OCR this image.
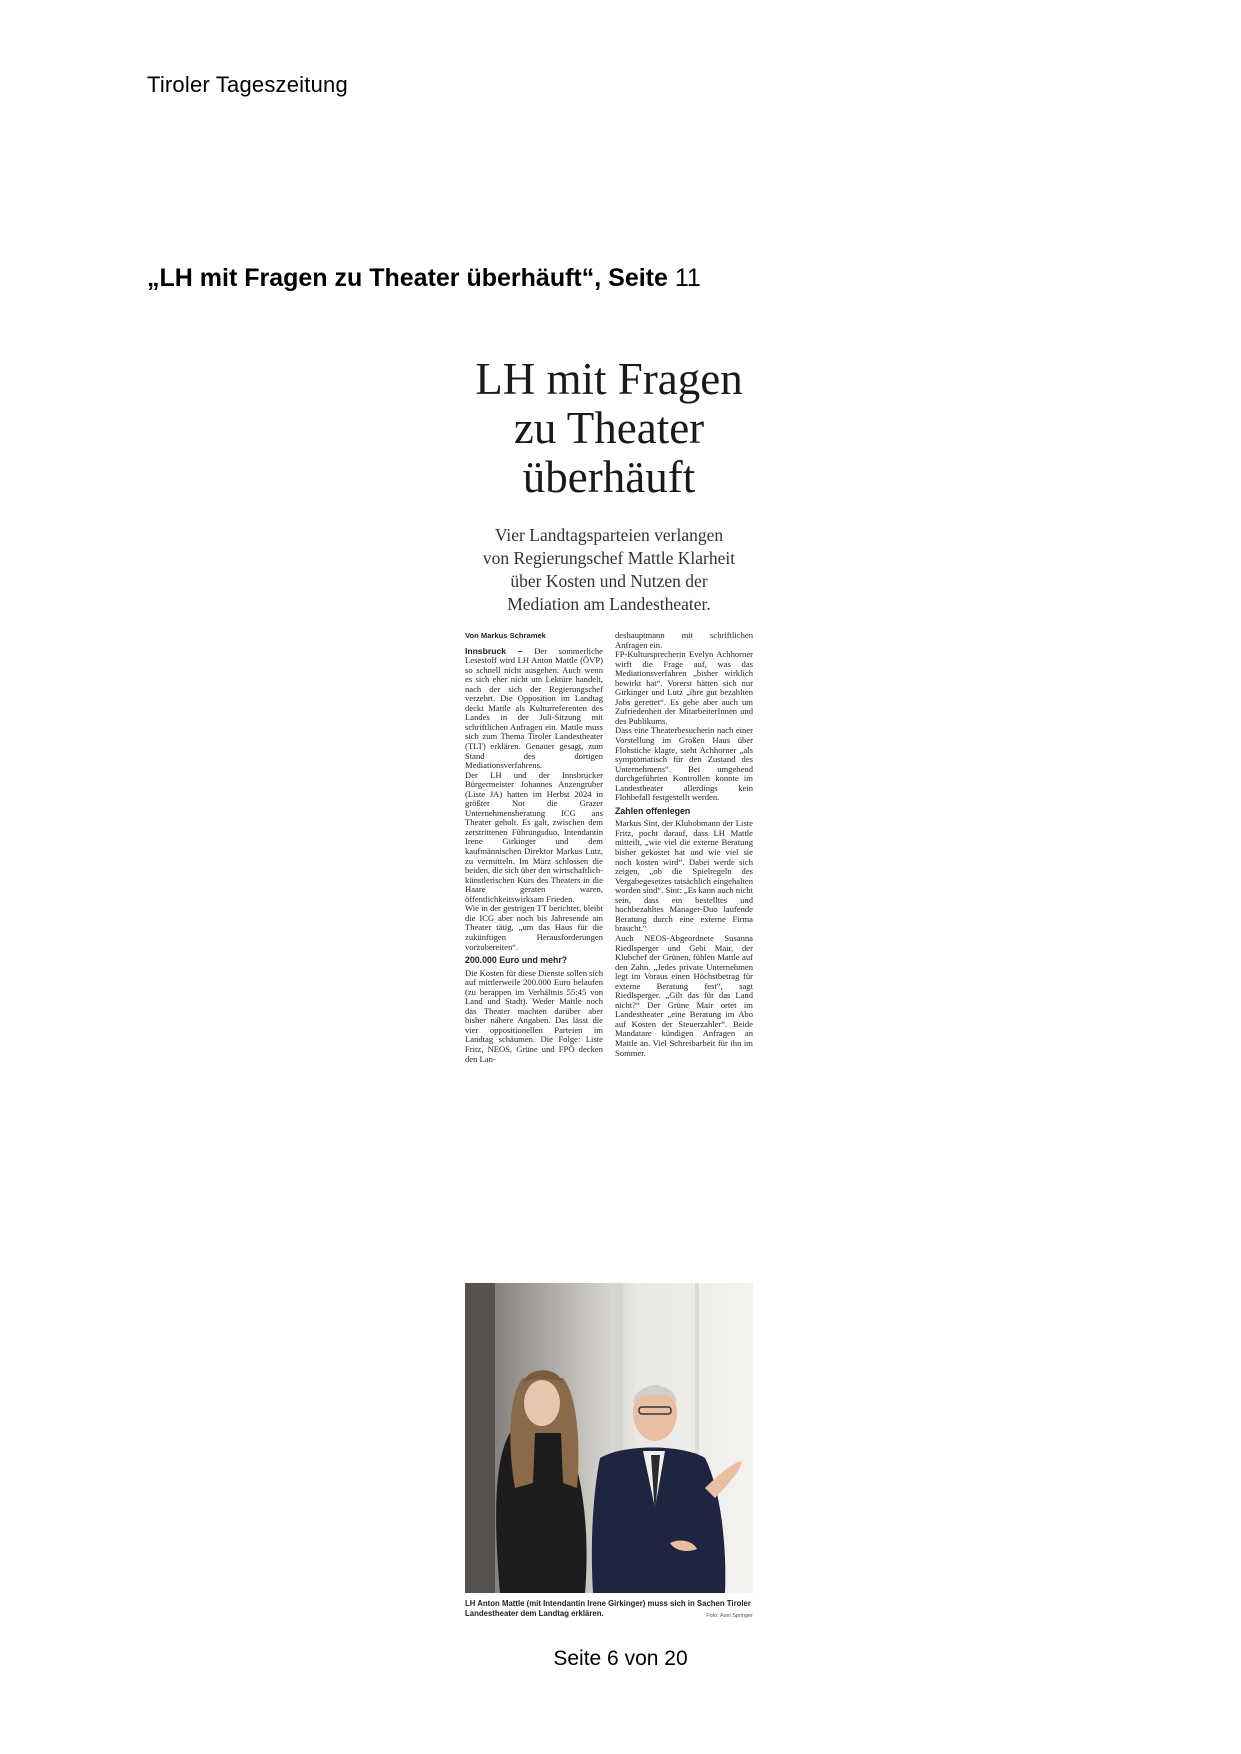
Tiroler Tageszeitung
„LH mit Fragen zu Theater überhäuft“, Seite 11
LH mit Fragen
zu Theater
überhäuft

Vier Landtagsparteien verlangen
von Regierungschef Mattle Klarheit
über Kosten und Nutzen der
Mediation am Landestheater.

Von Markus Schramek

Innsbruck – Der sommerliche Lesestoff wird LH Anton Mattle (ÖVP) so schnell nicht ausgehen. Auch wenn es sich eher nicht um Lektüre handelt, nach der sich der Regierungschef verzehrt. Die Opposition im Landtag deckt Mattle als Kulturreferenten des Landes in der Juli-Sitzung mit schriftlichen Anfragen ein. Mattle muss sich zum Thema Tiroler Landestheater (TLT) erklären. Genauer gesagt, zum Stand des dortigen Mediationsverfahrens.

Der LH und der Innsbrucker Bürgermeister Johannes Anzengruber (Liste JA) hatten im Herbst 2024 in größter Not die Grazer Unternehmensberatung ICG ans Theater geholt. Es galt, zwischen dem zerstrittenen Führungsduo, Intendantin Irene Girkinger und dem kaufmännischen Direktor Markus Lutz, zu vermitteln. Im März schlossen die beiden, die sich über den wirtschaftlich-künstlerischen Kurs des Theaters in die Haare geraten waren, öffentlichkeitswirksam Frieden.

Wie in der gestrigen TT berichtet, bleibt die ICG aber noch bis Jahresende am Theater tätig, „um das Haus für die zukünftigen Herausforderungen vorzubereiten“.

200.000 Euro und mehr?

Die Kosten für diese Dienste sollen sich auf mittlerweile 200.000 Euro belaufen (zu berappen im Verhältnis 55:45 von Land und Stadt). Weder Mattle noch das Theater machten darüber aber bisher nähere Angaben. Das lässt die vier oppositionellen Parteien im Landtag schäumen. Die Folge: Liste Fritz, NEOS, Grüne und FPÖ decken den Lan-

deshauptmann mit schriftlichen Anfragen ein.

FP-Kultursprecherin Evelyn Achhorner wirft die Frage auf, was das Mediationsverfahren „bisher wirklich bewirkt hat“. Vorerst hätten sich nur Girkinger und Lutz „ihre gut bezahlten Jobs gerettet“. Es gehe aber auch um Zufriedenheit der MitarbeiterInnen und des Publikums.

Dass eine Theaterbesucherin nach einer Vorstellung im Großen Haus über Flohstiche klagte, sieht Achhorner „als symptomatisch für den Zustand des Unternehmens“. Bei umgehend durchgeführten Kontrollen konnte im Landestheater allerdings kein Flohbefall festgestellt werden.

Zahlen offenlegen

Markus Sint, der Klubobmann der Liste Fritz, pocht darauf, dass LH Mattle mitteilt, „wie viel die externe Beratung bisher gekostet hat und wie viel sie noch kosten wird“. Dabei werde sich zeigen, „ob die Spielregeln des Vergabegesetzes tatsächlich eingehalten worden sind“. Sint: „Es kann auch nicht sein, dass ein bestelltes und hochbezahltes Manager-Duo laufende Beratung durch eine externe Firma braucht.“

Auch NEOS-Abgeordnete Susanna Riedlsperger und Gebi Mair, der Klubchef der Grünen, fühlen Mattle auf den Zahn. „Jedes private Unternehmen legt im Voraus einen Höchstbetrag für externe Beratung fest“, sagt Riedlsperger. „Gilt das für das Land nicht?“ Der Grüne Mair ortet im Landestheater „eine Beratung im Abo auf Kosten der Steuerzahler“. Beide Mandatare kündigen Anfragen an Mattle an. Viel Schreibarbeit für ihn im Sommer.

LH Anton Mattle (mit Intendantin Irene Girkinger) muss sich in Sachen Tiroler Landestheater dem Landtag erklären.	Foto: Axel Springer
Seite 6 von 20
